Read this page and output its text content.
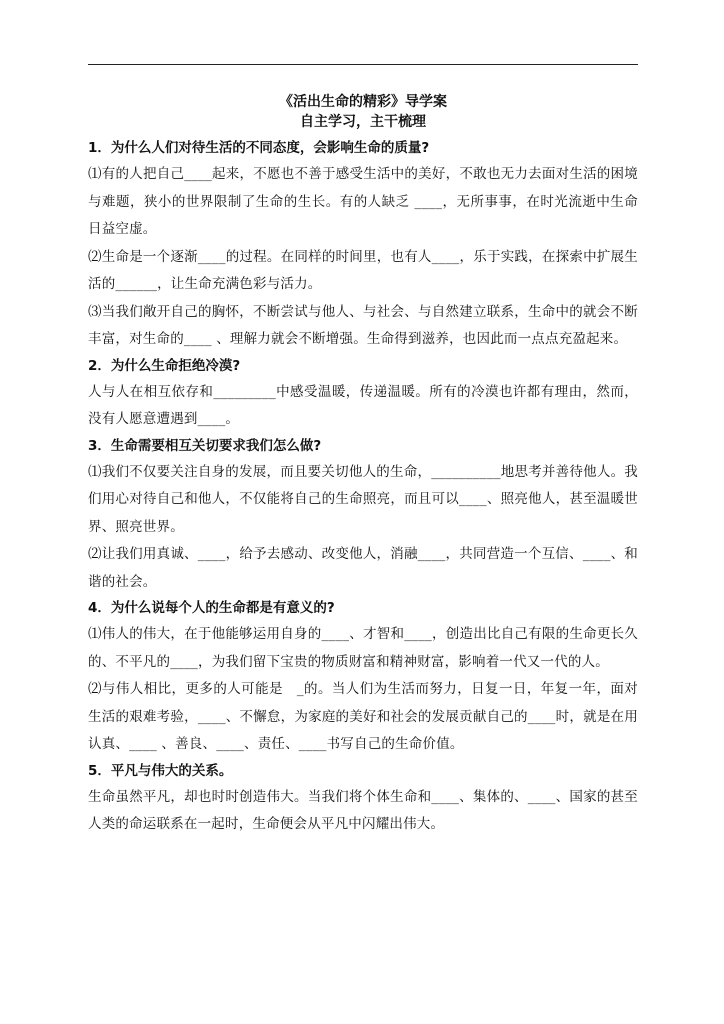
《活出生命的精彩》导学案

自主学习，主干梳理

1．为什么人们对待生活的不同态度，会影响生命的质量?

⑴有的人把自己____起来，不愿也不善于感受生活中的美好，不敢也无力去面对生活的困境与难题，狭小的世界限制了生命的生长。有的人缺乏 ____，无所事事，在时光流逝中生命日益空虚。

⑵生命是一个逐渐____的过程。在同样的时间里，也有人____，乐于实践，在探索中扩展生活的______，让生命充满色彩与活力。

⑶当我们敞开自己的胸怀，不断尝试与他人、与社会、与自然建立联系，生命中的就会不断丰富，对生命的____ 、理解力就会不断增强。生命得到滋养，也因此而一点点充盈起来。

2．为什么生命拒绝冷漠?

人与人在相互依存和_________中感受温暖，传递温暖。所有的冷漠也许都有理由，然而，没有人愿意遭遇到____。

3．生命需要相互关切要求我们怎么做?

⑴我们不仅要关注自身的发展，而且要关切他人的生命，__________地思考并善待他人。我们用心对待自己和他人，不仅能将自己的生命照亮，而且可以____、照亮他人，甚至温暖世界、照亮世界。

⑵让我们用真诚、____，给予去感动、改变他人，消融____，共同营造一个互信、____、和谐的社会。

4．为什么说每个人的生命都是有意义的?

⑴伟人的伟大，在于他能够运用自身的____、才智和____，创造出比自己有限的生命更长久的、不平凡的____，为我们留下宝贵的物质财富和精神财富，影响着一代又一代的人。

⑵与伟人相比，更多的人可能是　_的。当人们为生活而努力，日复一日，年复一年，面对生活的艰难考验，____、不懈怠，为家庭的美好和社会的发展贡献自己的____时，就是在用认真、____ 、善良、____、责任、____书写自己的生命价值。

5．平凡与伟大的关系。

生命虽然平凡，却也时时创造伟大。当我们将个体生命和____、集体的、____、国家的甚至人类的命运联系在一起时，生命便会从平凡中闪耀出伟大。
